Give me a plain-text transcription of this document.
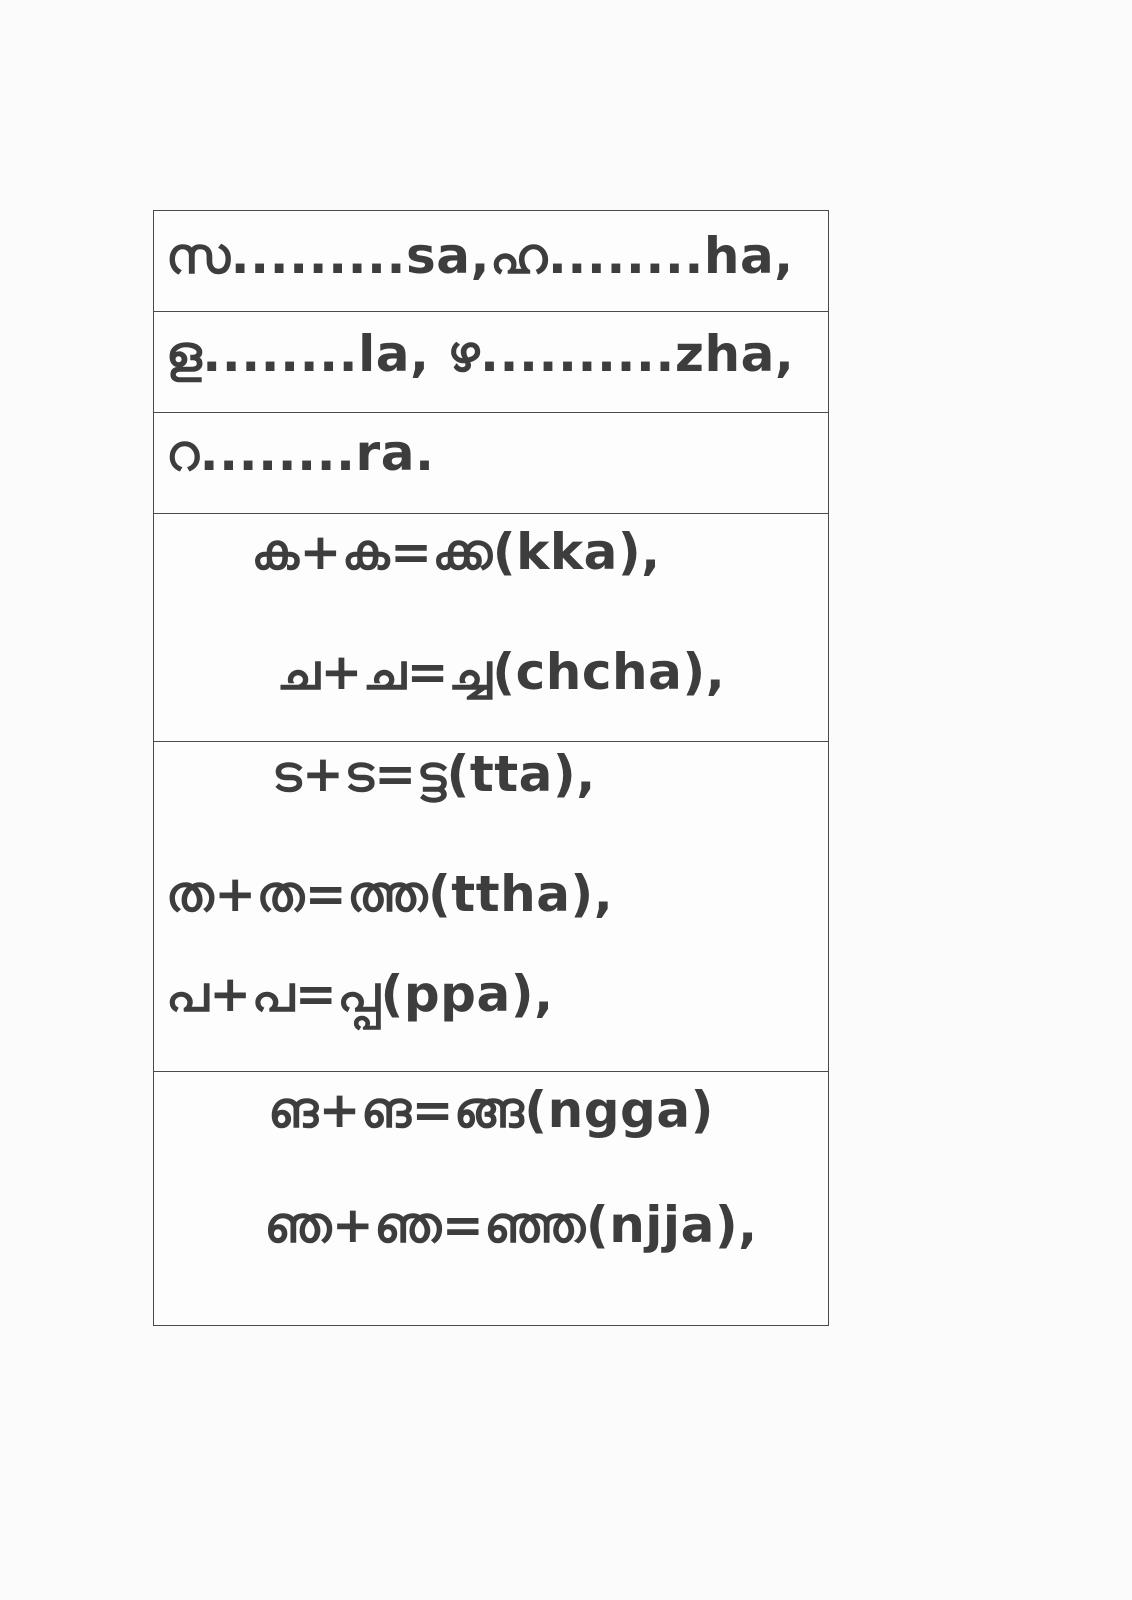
സ.........sa,ഹ........ha,
ള........la, ഴ..........zha,
റ........ra.
ക+ക=ക്ക(kka),
ച+ച=ച്ച(chcha),
ട+ട=ട്ട(tta),
ത+ത=ത്ത(ttha),
പ+പ=പ്പ(ppa),
ങ+ങ=ങ്ങ(ngga)
ഞ+ഞ=ഞ്ഞ(njja),
